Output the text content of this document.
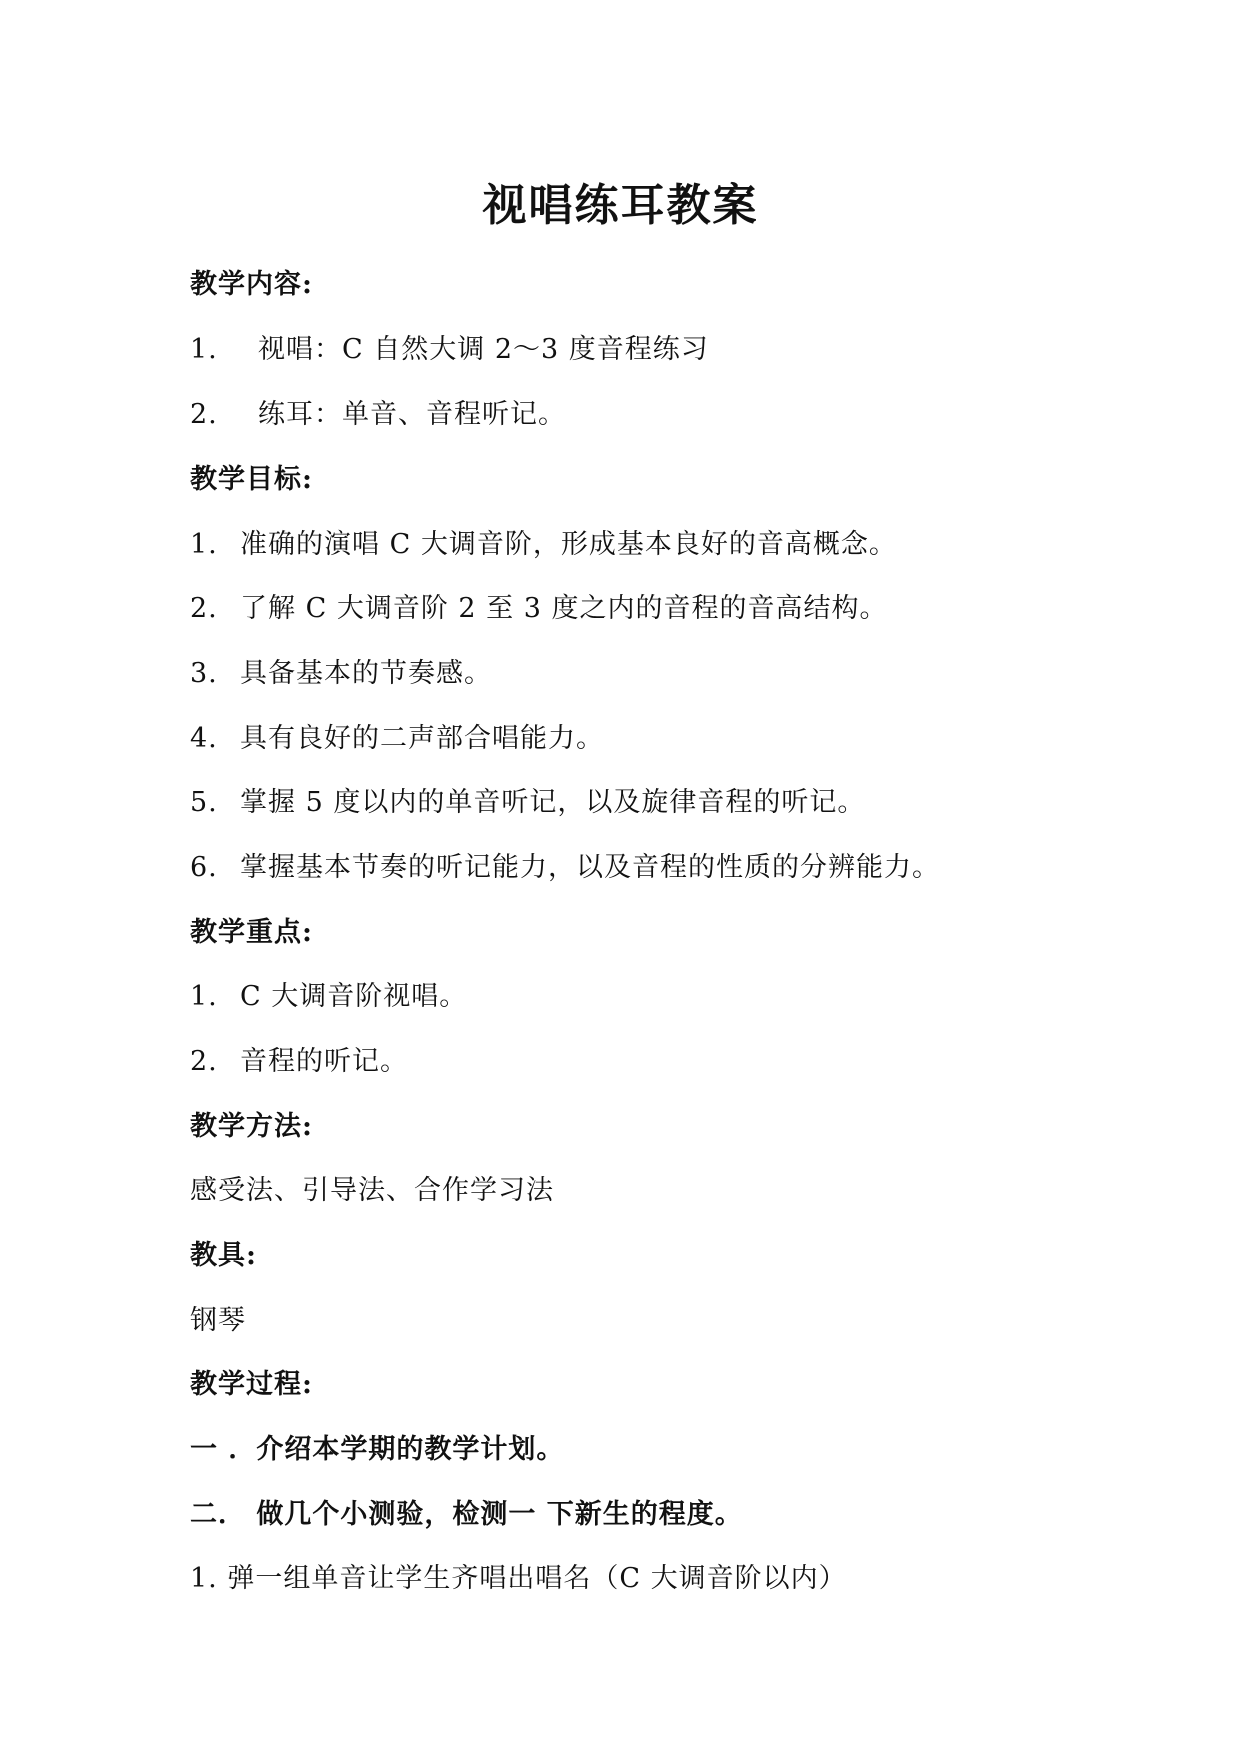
视唱练耳教案
教学内容:
1. 视唱：C 自然大调 2～3 度音程练习
2. 练耳：单音、音程听记。
教学目标:
1. 准确的演唱 C 大调音阶，形成基本良好的音高概念。
2. 了解 C 大调音阶 2 至 3 度之内的音程的音高结构。
3. 具备基本的节奏感。
4. 具有良好的二声部合唱能力。
5. 掌握 5 度以内的单音听记，以及旋律音程的听记。
6. 掌握基本节奏的听记能力，以及音程的性质的分辨能力。
教学重点:
1. C 大调音阶视唱。
2. 音程的听记。
教学方法:
感受法、引导法、合作学习法
教具:
钢琴
教学过程:
一 ．介绍本学期的教学计划。
二． 做几个小测验，检测一 下新生的程度。
1. 弹一组单音让学生齐唱出唱名（C 大调音阶以内）
